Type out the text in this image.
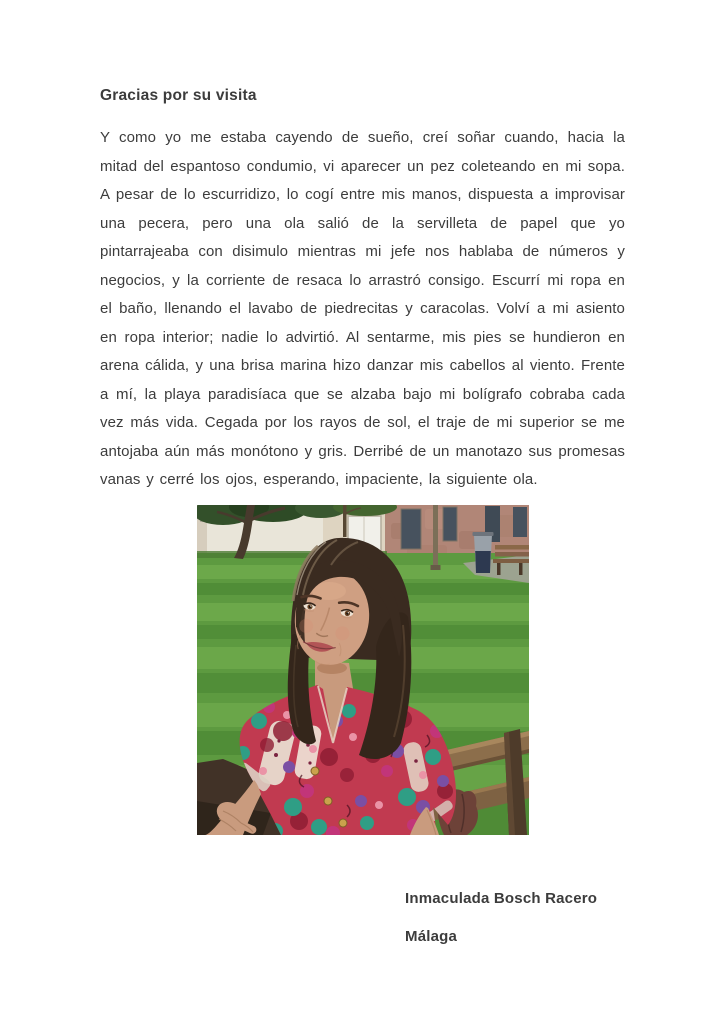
Gracias por su visita

Y como yo me estaba cayendo de sueño, creí soñar cuando, hacia la mitad del espantoso condumio, vi aparecer un pez coleteando en mi sopa. A pesar de lo escurridizo, lo cogí entre mis manos, dispuesta a improvisar una pecera, pero una ola salió de la servilleta de papel que yo pintarrajeaba con disimulo mientras mi jefe nos hablaba de números y negocios, y la corriente de resaca lo arrastró consigo. Escurrí mi ropa en el baño, llenando el lavabo de piedrecitas y caracolas. Volví a mi asiento en ropa interior; nadie lo advirtió. Al sentarme, mis pies se hundieron en arena cálida, y una brisa marina hizo danzar mis cabellos al viento. Frente a mí, la playa paradisíaca que se alzaba bajo mi bolígrafo cobraba cada vez más vida. Cegada por los rayos de sol, el traje de mi superior se me antojaba aún más monótono y gris. Derribé de un manotazo sus promesas vanas y cerré los ojos, esperando, impaciente, la siguiente ola.

Inmaculada Bosch Racero

Málaga
